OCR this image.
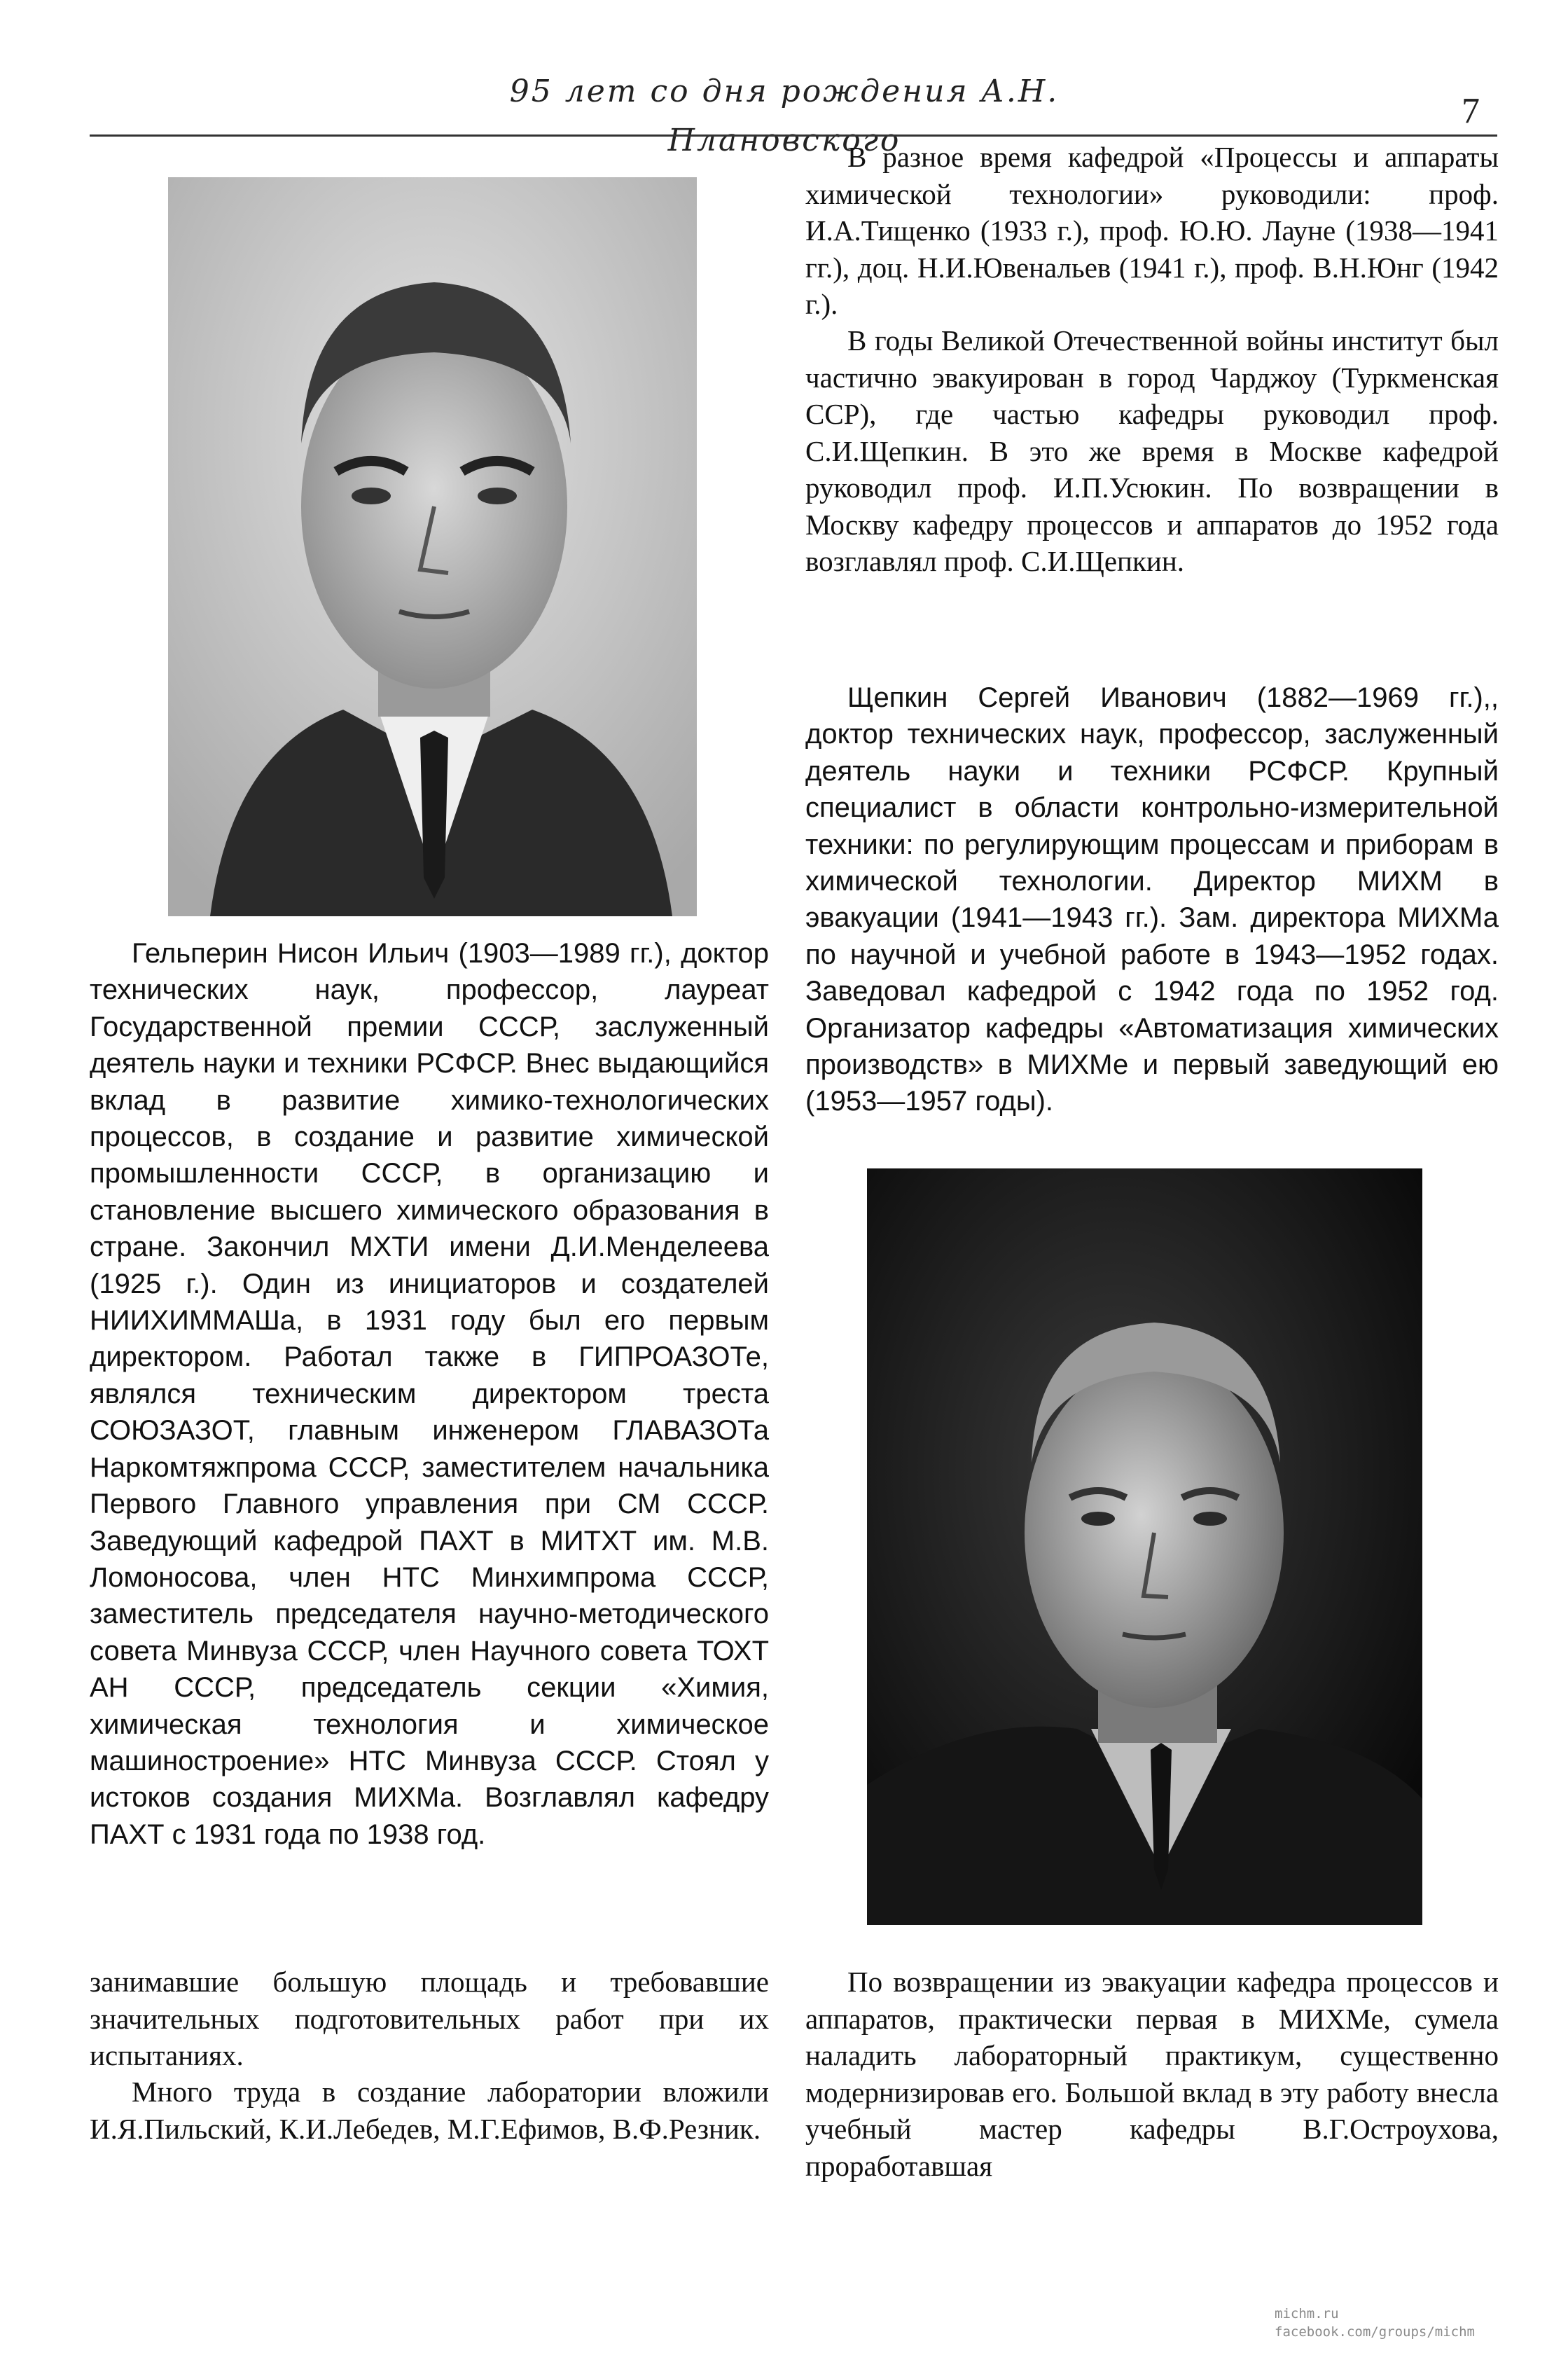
95 лет со дня рождения А.Н. Плановского
7

В разное время кафедрой «Процессы и аппараты химической технологии» руководили: проф. И.А.Тищенко (1933 г.), проф. Ю.Ю. Лауне (1938—1941 гг.), доц. Н.И.Ювенальев (1941 г.), проф. В.Н.Юнг (1942 г.).

В годы Великой Отечественной войны институт был частично эвакуирован в город Чарджоу (Туркменская ССР), где частью кафедры руководил проф. С.И.Щепкин. В это же время в Москве кафедрой руководил проф. И.П.Усюкин. По возвращении в Москву кафедру процессов и аппаратов до 1952 года возглавлял проф. С.И.Щепкин.

Щепкин Сергей Иванович (1882—1969 гг.),, доктор технических наук, профессор, заслуженный деятель науки и техники РСФСР. Крупный специалист в области контрольно-измерительной техники: по регулирующим процессам и приборам в химической технологии. Директор МИХМ в эвакуации (1941—1943 гг.). Зам. директора МИХМа по научной и учебной работе в 1943—1952 годах. Заведовал кафедрой с 1942 года по 1952 год. Организатор кафедры «Автоматизация химических производств» в МИХМе и первый заведующий ею (1953—1957 годы).

По возвращении из эвакуации кафедра процессов и аппаратов, практически первая в МИХМе, сумела наладить лабораторный практикум, существенно модернизировав его. Большой вклад в эту работу внесла учебный мастер кафедры В.Г.Остроухова, проработавшая

Гельперин Нисон Ильич (1903—1989 гг.), доктор технических наук, профессор, лауреат Государственной премии СССР, заслуженный деятель науки и техники РСФСР. Внес выдающийся вклад в развитие химико-технологических процессов, в создание и развитие химической промышленности СССР, в организацию и становление высшего химического образования в стране. Закончил МХТИ имени Д.И.Менделеева (1925 г.). Один из инициаторов и создателей НИИХИММАШа, в 1931 году был его первым директором. Работал также в ГИПРОАЗОТе, являлся техническим директором треста СОЮЗАЗОТ, главным инженером ГЛАВАЗОТа Наркомтяжпрома СССР, заместителем начальника Первого Главного управления при СМ СССР. Заведующий кафедрой ПАХТ в МИТХТ им. М.В. Ломоносова, член НТС Минхимпрома СССР, заместитель председателя научно-методического совета Минвуза СССР, член Научного совета ТОХТ АН СССР, председатель секции «Химия, химическая технология и химическое машиностроение» НТС Минвуза СССР. Стоял у истоков создания МИХМа. Возглавлял кафедру ПАХТ с 1931 года по 1938 год.

занимавшие большую площадь и требовавшие значительных подготовительных работ при их испытаниях.

Много труда в создание лаборатории вложили И.Я.Пильский, К.И.Лебедев, М.Г.Ефимов, В.Ф.Резник.

michm.ru
facebook.com/groups/michm
